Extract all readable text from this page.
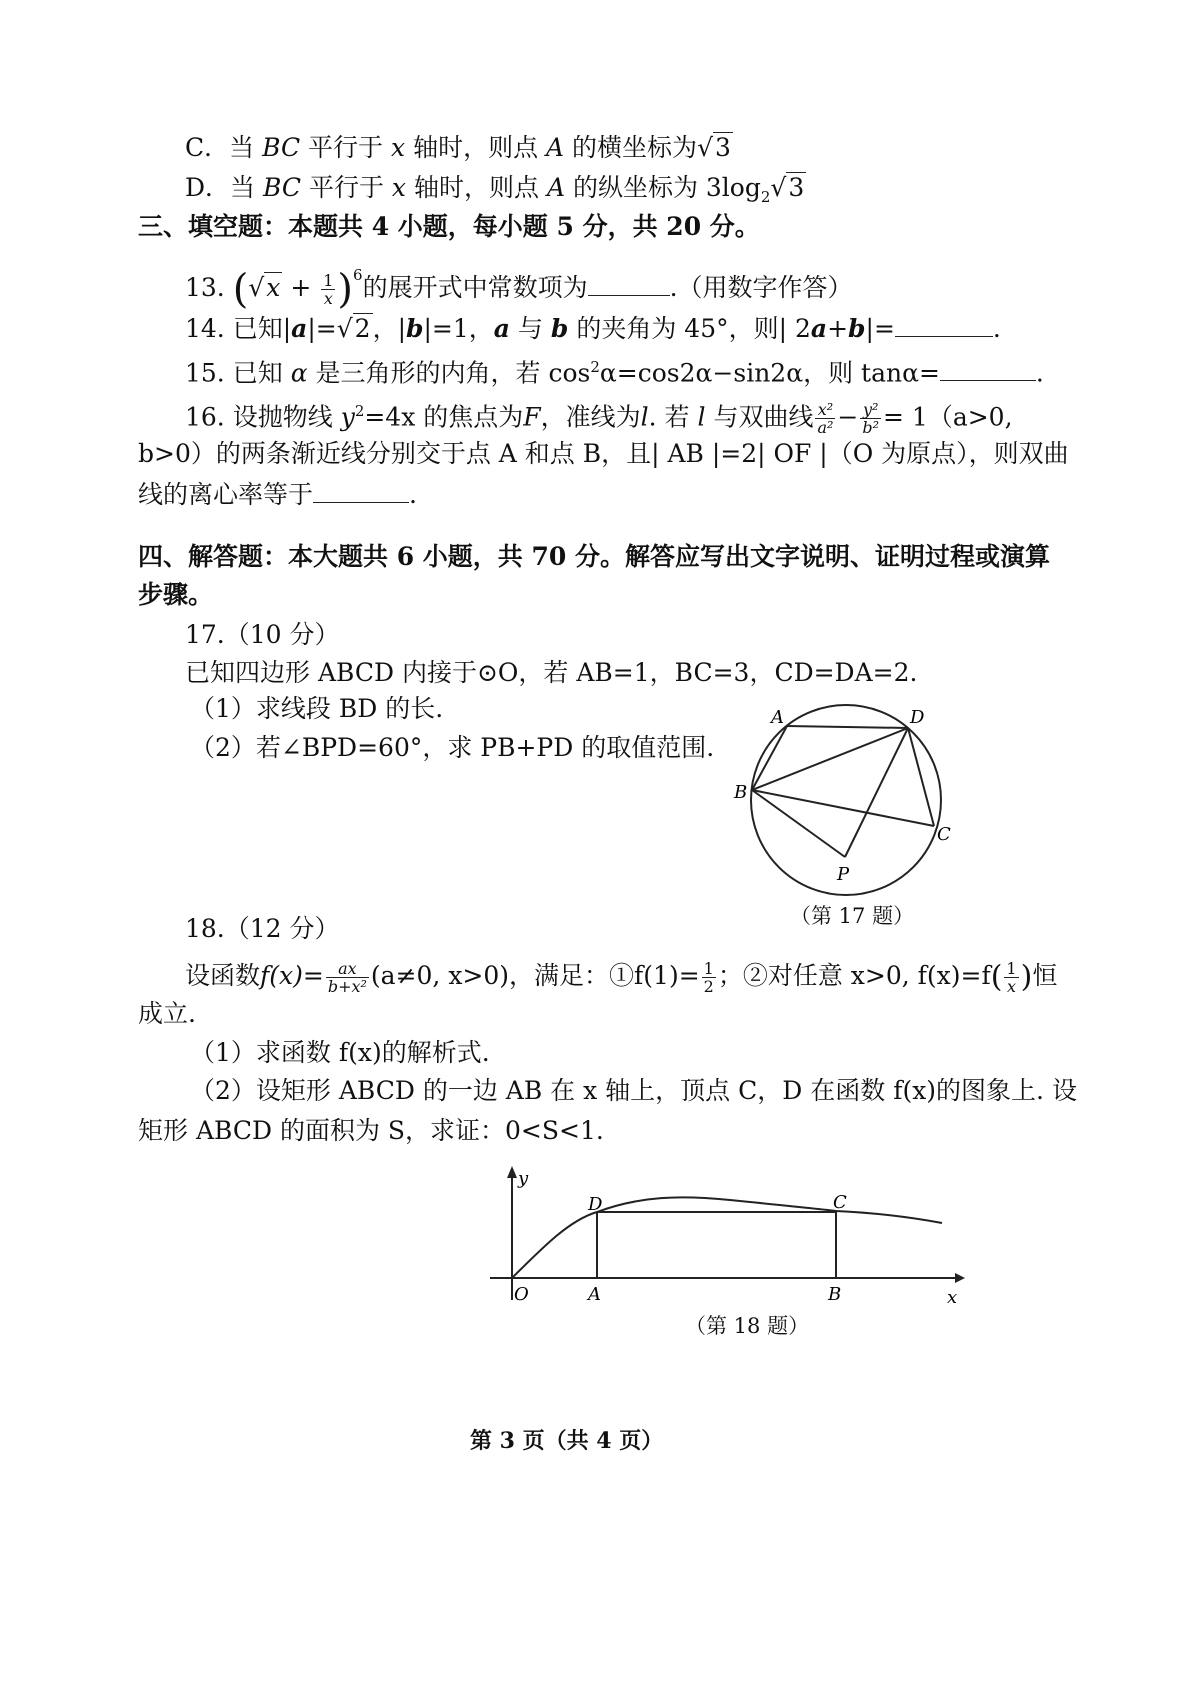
C．当 BC 平行于 x 轴时，则点 A 的横坐标为√3
D．当 BC 平行于 x 轴时，则点 A 的纵坐标为 $3\log_2√3$
三、填空题：本题共 4 小题，每小题 5 分，共 20 分。
13. $(√x + \frac{1}{x} )^6$的展开式中常数项为	.（用数字作答）
14. 已知|a|=√2，|b|=1，a 与 b 的夹角为 45°，则| 2a+b|=	.
15. 已知 α 是三角形的内角，若 $\cos^2\alpha=\cos 2\alpha-\sin 2\alpha$，则 tanα=	.
16. 设抛物线 $y^2=4x$ 的焦点为F，准线为l. 若 l 与双曲线 $\frac{\text{x²}}{\text{a²}} - \frac{\text{y²}}{\text{b²}} = 1(a>0$,
b>0）的两条渐近线分别交于点 A 和点 B，且| AB |=2| OF |（O 为原点），则双曲
线的离心率等于	.
四、解答题：本大题共 6 小题，共 70 分。解答应写出文字说明、证明过程或演算
步骤。
17.（10 分）
已知四边形 ABCD 内接于⊙O，若 AB=1，BC=3，CD=DA=2.
（1）求线段 BD 的长.
（2）若∠BPD=60°，求 PB+PD 的取值范围.
A	D
B
C
P
y
x
O	A	B
C
D
（第 17 题）
18.（12 分）
设函数$f(x)= \frac{ax}{\text{b+x²}} (a\ne 0$, x>0)，满足：①f(1)= $\frac{1}{2}$ ；②对任意 x>0, $f(x)=f( \frac{1}{x}$ )恒
成立.
（1）求函数 f(x)的解析式.
（2）设矩形 ABCD 的一边 AB 在 x 轴上，顶点 C，D 在函数 f(x)的图象上. 设
矩形 ABCD 的面积为 S，求证：0<S<1.
（第 18 题）
第 3 页（共 4 页）
